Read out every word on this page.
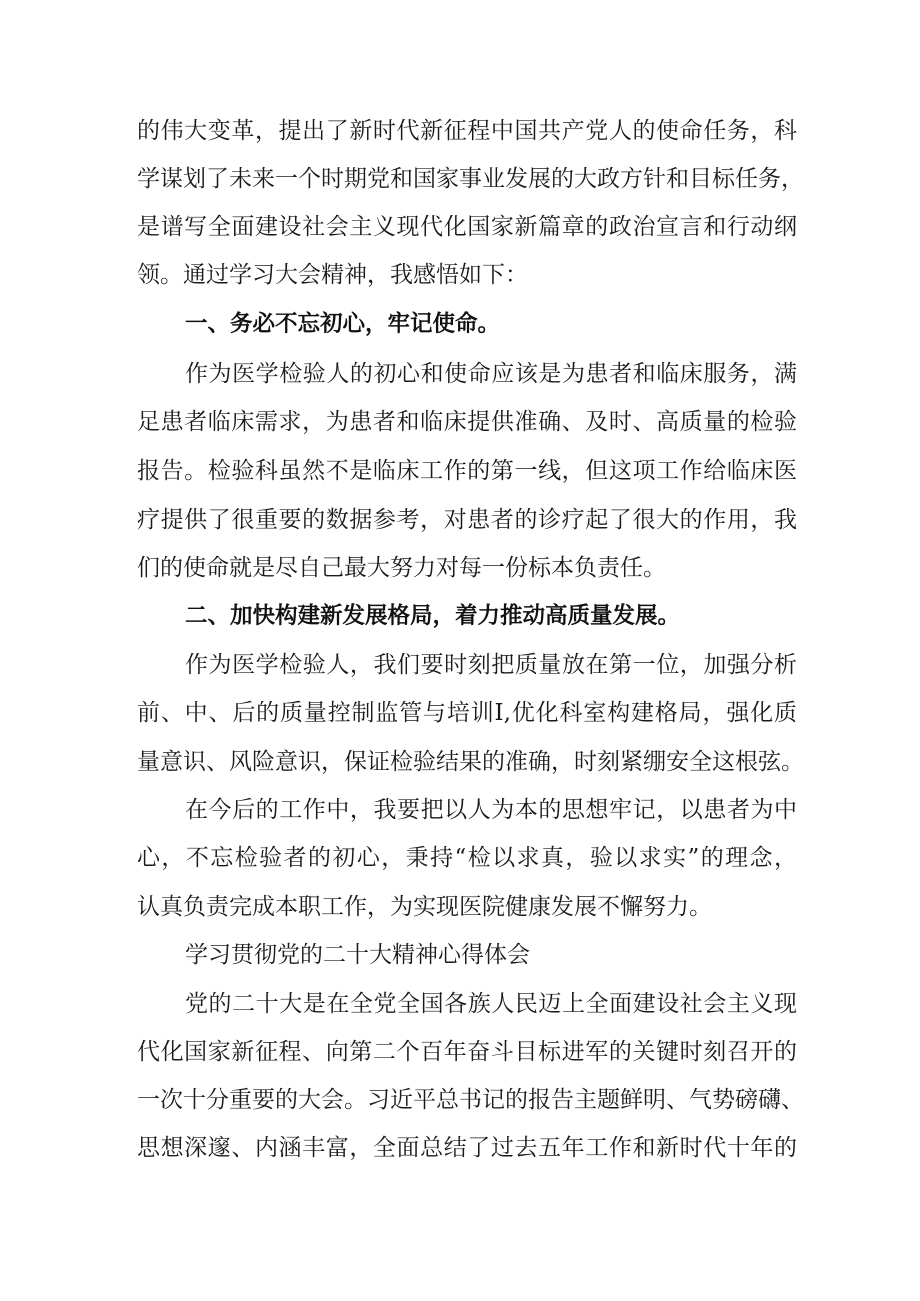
的伟大变革，提出了新时代新征程中国共产党人的使命任务，科

学谋划了未来一个时期党和国家事业发展的大政方针和目标任务，

是谱写全面建设社会主义现代化国家新篇章的政治宣言和行动纲

领。通过学习大会精神，我感悟如下：

一、务必不忘初心，牢记使命。

作为医学检验人的初心和使命应该是为患者和临床服务，满

足患者临床需求，为患者和临床提供准确、及时、高质量的检验

报告。检验科虽然不是临床工作的第一线，但这项工作给临床医

疗提供了很重要的数据参考，对患者的诊疗起了很大的作用，我

们的使命就是尽自己最大努力对每一份标本负责任。

二、加快构建新发展格局，着力推动高质量发展。

作为医学检验人，我们要时刻把质量放在第一位，加强分析

前、中、后的质量控制监管与培训I,优化科室构建格局，强化质

量意识、风险意识，保证检验结果的准确，时刻紧绷安全这根弦。

在今后的工作中，我要把以人为本的思想牢记，以患者为中

心，不忘检验者的初心，秉持“检以求真，验以求实”的理念，

认真负责完成本职工作，为实现医院健康发展不懈努力。

学习贯彻党的二十大精神心得体会

党的二十大是在全党全国各族人民迈上全面建设社会主义现

代化国家新征程、向第二个百年奋斗目标进军的关键时刻召开的

一次十分重要的大会。习近平总书记的报告主题鲜明、气势磅礴、

思想深邃、内涵丰富，全面总结了过去五年工作和新时代十年的
